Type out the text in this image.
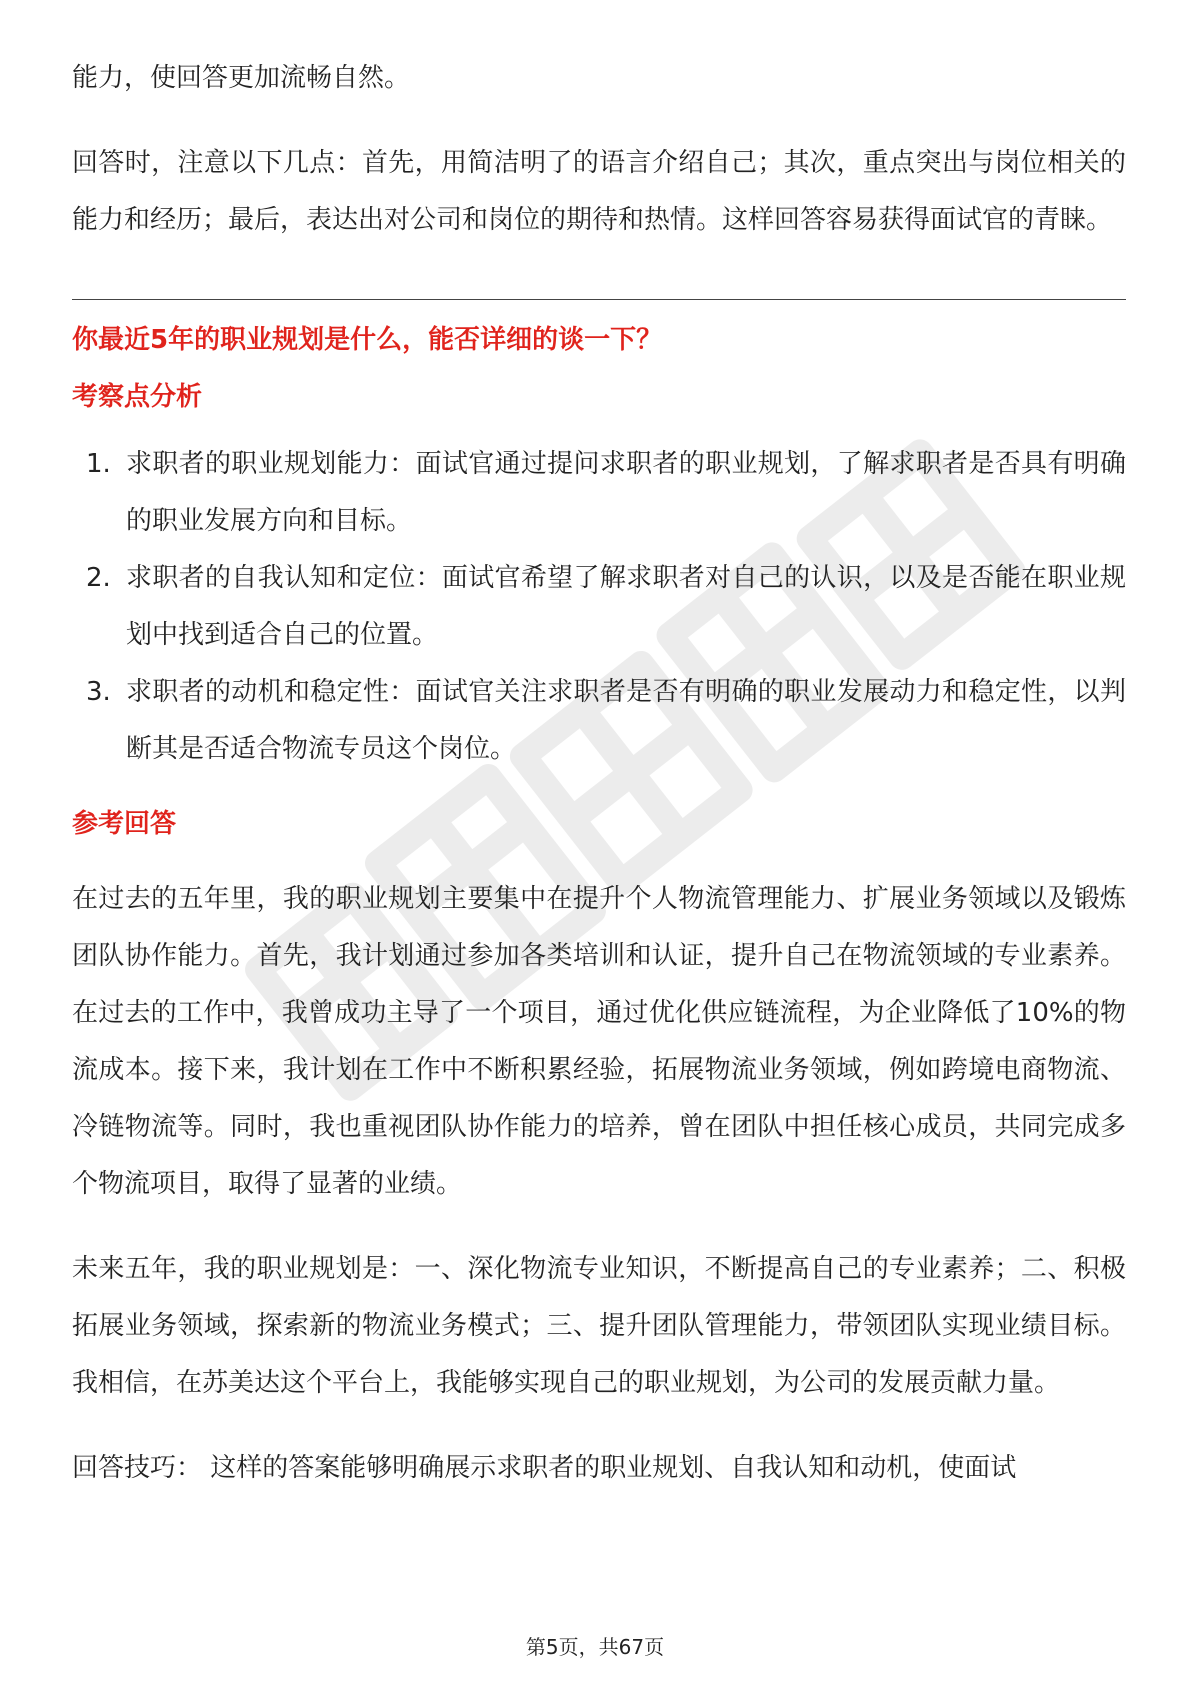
能力，使回答更加流畅自然。

回答时，注意以下几点：首先，用简洁明了的语言介绍自己；其次，重点突出与岗位相关的能力和经历；最后，表达出对公司和岗位的期待和热情。这样回答容易获得面试官的青睐。

你最近5年的职业规划是什么，能否详细的谈一下？
考察点分析
1. 求职者的职业规划能力：面试官通过提问求职者的职业规划，了解求职者是否具有明确的职业发展方向和目标。
2. 求职者的自我认知和定位：面试官希望了解求职者对自己的认识，以及是否能在职业规划中找到适合自己的位置。
3. 求职者的动机和稳定性：面试官关注求职者是否有明确的职业发展动力和稳定性，以判断其是否适合物流专员这个岗位。
参考回答

在过去的五年里，我的职业规划主要集中在提升个人物流管理能力、扩展业务领域以及锻炼团队协作能力。首先，我计划通过参加各类培训和认证，提升自己在物流领域的专业素养。在过去的工作中，我曾成功主导了一个项目，通过优化供应链流程，为企业降低了10%的物流成本。接下来，我计划在工作中不断积累经验，拓展物流业务领域，例如跨境电商物流、冷链物流等。同时，我也重视团队协作能力的培养，曾在团队中担任核心成员，共同完成多个物流项目，取得了显著的业绩。

未来五年，我的职业规划是：一、深化物流专业知识，不断提高自己的专业素养；二、积极拓展业务领域，探索新的物流业务模式；三、提升团队管理能力，带领团队实现业绩目标。我相信，在苏美达这个平台上，我能够实现自己的职业规划，为公司的发展贡献力量。

回答技巧： 这样的答案能够明确展示求职者的职业规划、自我认知和动机，使面试

第5页，共67页
